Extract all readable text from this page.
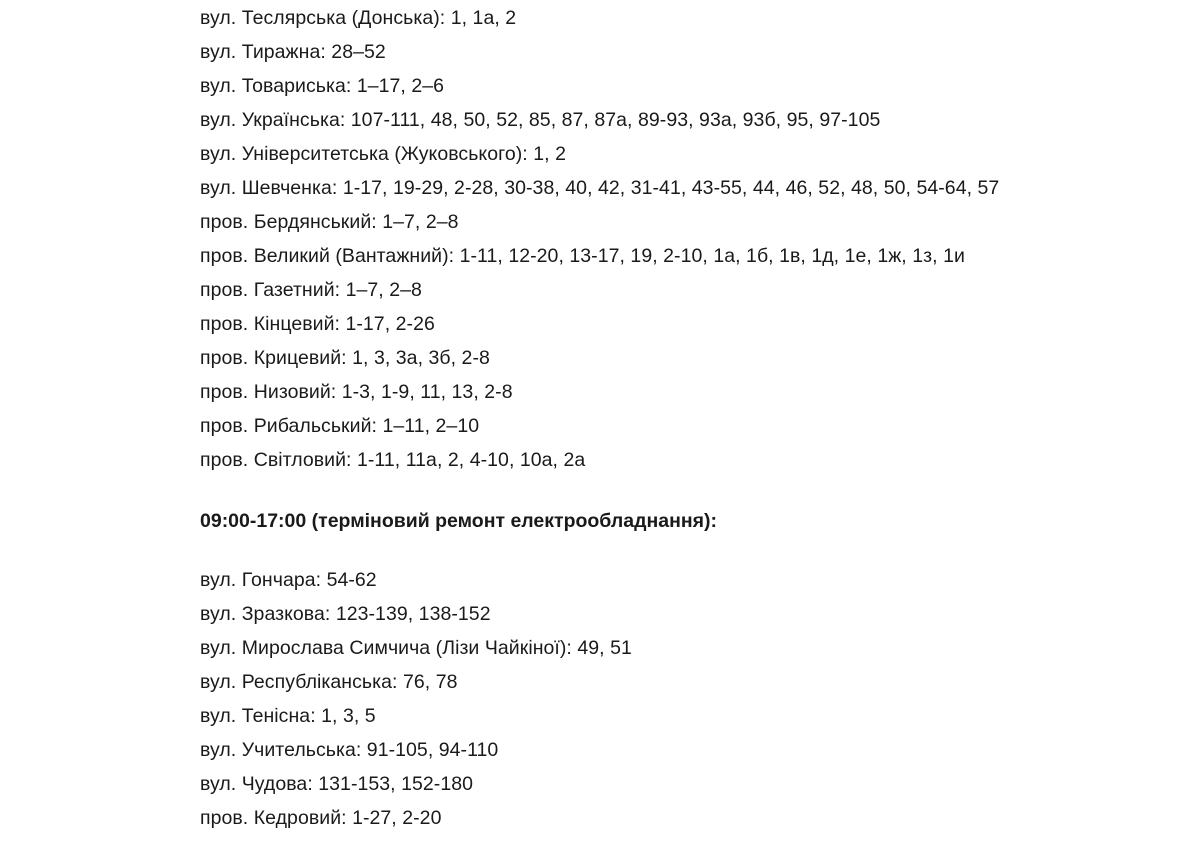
вул. Теслярська (Донська): 1, 1а, 2
вул. Тиражна: 28–52
вул. Товариська: 1–17, 2–6
вул. Українська: 107-111, 48, 50, 52, 85, 87, 87а, 89-93, 93а, 93б, 95, 97-105
вул. Університетська (Жуковського): 1, 2
вул. Шевченка: 1-17, 19-29, 2-28, 30-38, 40, 42, 31-41, 43-55, 44, 46, 52, 48, 50, 54-64, 57
пров. Бердянський: 1–7, 2–8
пров. Великий (Вантажний): 1-11, 12-20, 13-17, 19, 2-10, 1а, 1б, 1в, 1д, 1е, 1ж, 1з, 1и
пров. Газетний: 1–7, 2–8
пров. Кінцевий: 1-17, 2-26
пров. Крицевий: 1, 3, 3а, 3б, 2-8
пров. Низовий: 1-3, 1-9, 11, 13, 2-8
пров. Рибальський: 1–11, 2–10
пров. Світловий: 1-11, 11а, 2, 4-10, 10а, 2а

09:00-17:00 (терміновий ремонт електрообладнання):

вул. Гончара: 54-62
вул. Зразкова: 123-139, 138-152
вул. Мирослава Симчича (Лізи Чайкіної): 49, 51
вул. Республіканська: 76, 78
вул. Тенісна: 1, 3, 5
вул. Учительська: 91-105, 94-110
вул. Чудова: 131-153, 152-180
пров. Кедровий: 1-27, 2-20
